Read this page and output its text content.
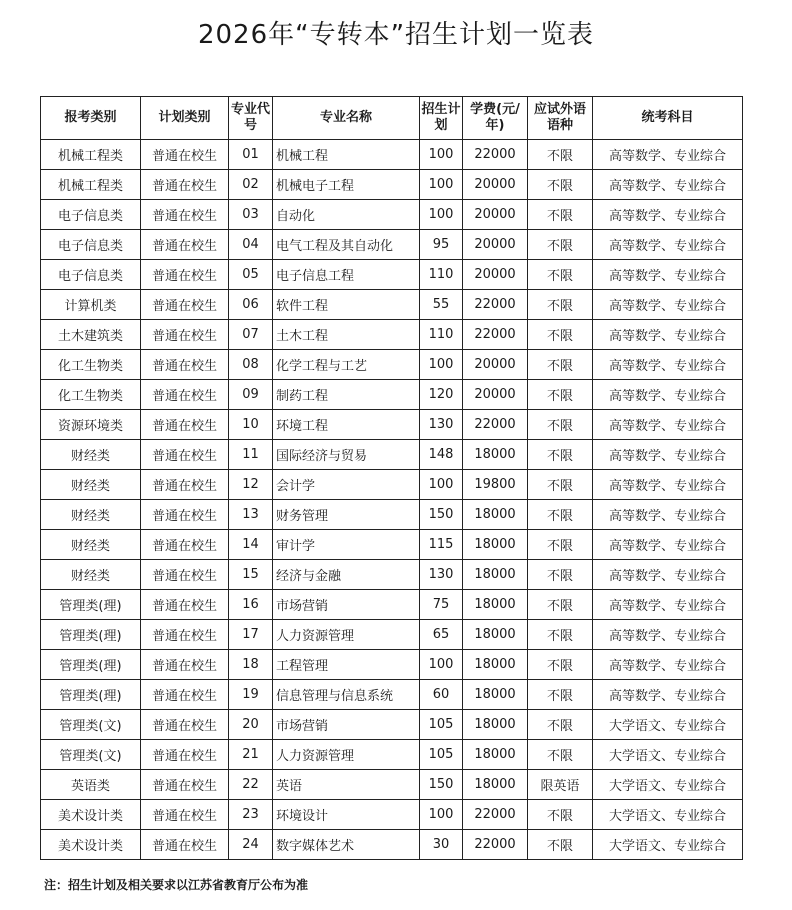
2026年“专转本”招生计划一览表
报考类别	计划类别	专业代号	专业名称	招生计划	学费(元/年)	应试外语语种	统考科目
机械工程类	普通在校生	01	机械工程	100	22000	不限	高等数学、专业综合
机械工程类	普通在校生	02	机械电子工程	100	20000	不限	高等数学、专业综合
电子信息类	普通在校生	03	自动化	100	20000	不限	高等数学、专业综合
电子信息类	普通在校生	04	电气工程及其自动化	95	20000	不限	高等数学、专业综合
电子信息类	普通在校生	05	电子信息工程	110	20000	不限	高等数学、专业综合
计算机类	普通在校生	06	软件工程	55	22000	不限	高等数学、专业综合
土木建筑类	普通在校生	07	土木工程	110	22000	不限	高等数学、专业综合
化工生物类	普通在校生	08	化学工程与工艺	100	20000	不限	高等数学、专业综合
化工生物类	普通在校生	09	制药工程	120	20000	不限	高等数学、专业综合
资源环境类	普通在校生	10	环境工程	130	22000	不限	高等数学、专业综合
财经类	普通在校生	11	国际经济与贸易	148	18000	不限	高等数学、专业综合
财经类	普通在校生	12	会计学	100	19800	不限	高等数学、专业综合
财经类	普通在校生	13	财务管理	150	18000	不限	高等数学、专业综合
财经类	普通在校生	14	审计学	115	18000	不限	高等数学、专业综合
财经类	普通在校生	15	经济与金融	130	18000	不限	高等数学、专业综合
管理类(理)	普通在校生	16	市场营销	75	18000	不限	高等数学、专业综合
管理类(理)	普通在校生	17	人力资源管理	65	18000	不限	高等数学、专业综合
管理类(理)	普通在校生	18	工程管理	100	18000	不限	高等数学、专业综合
管理类(理)	普通在校生	19	信息管理与信息系统	60	18000	不限	高等数学、专业综合
管理类(文)	普通在校生	20	市场营销	105	18000	不限	大学语文、专业综合
管理类(文)	普通在校生	21	人力资源管理	105	18000	不限	大学语文、专业综合
英语类	普通在校生	22	英语	150	18000	限英语	大学语文、专业综合
美术设计类	普通在校生	23	环境设计	100	22000	不限	大学语文、专业综合
美术设计类	普通在校生	24	数字媒体艺术	30	22000	不限	大学语文、专业综合
注：招生计划及相关要求以江苏省教育厅公布为准
